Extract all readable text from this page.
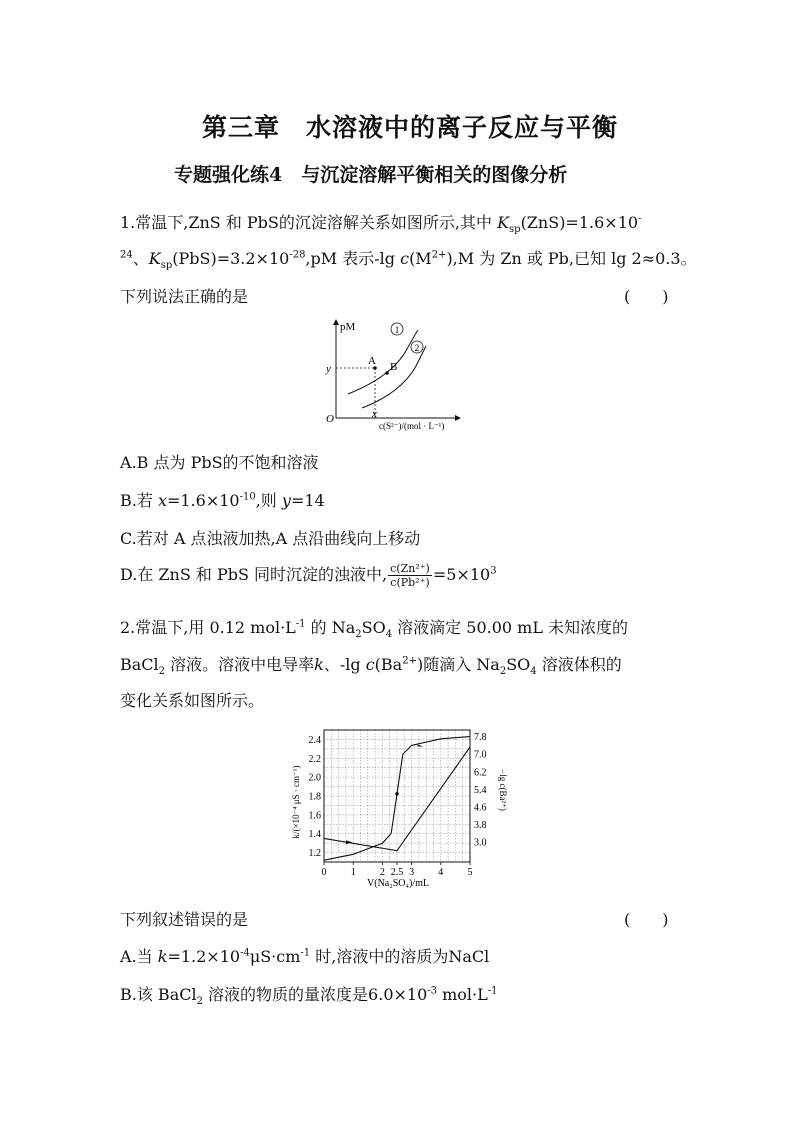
第三章　水溶液中的离子反应与平衡
专题强化练4　与沉淀溶解平衡相关的图像分析
1.常温下,ZnS 和 PbS的沉淀溶解关系如图所示,其中 $K_{sp}(ZnS)=1.6\times 10^-$
$^{24}$、$K_{sp}(PbS)=3.2\times 10^{-28},pM$ 表示-lg $c(M^{2+}),M$ 为 Zn 或 Pb,已知 lg 2≈0.3。
下列说法正确的是	(　　)
pM	1
2
A B
y
x
O
c(S²⁻)/(mol · L⁻¹)
A.B 点为 PbS的不饱和溶液
B.若 $x=1.6\times 10^{-10}$,则 y=14
C.若对 A 点浊液加热,A 点沿曲线向上移动
D.在 ZnS 和 PbS 同时沉淀的浊液中, $\frac{\text{c(Zn²⁺)}}{\text{c(Pb²⁺)}} =5\times 10^3$
2.常温下,用 0.12 $mol\cdot L^{-1}$ 的 $Na_2SO_4$ 溶液滴定 50.00 mL 未知浓度的
BaCl$_2$ 溶液。溶液中电导率k、-lg $c(Ba^{2+})$随滴入 $Na_2SO_4$ 溶液体积的
变化关系如图所示。
0 1 2 2.5 3 4 5
1.2
1.4
1.6
1.8
2.0
2.2
2.4
3.0
3.8
4.6
5.4
6.2
7.0
7.8
V(Na₂SO₄)/mL
k/(×10⁻⁴ μS · cm⁻¹)	−lg c(Ba²⁺)
下列叙述错误的是	(　　)
A.当 $k=1.2\times 10^{-4}\mu S\cdot cm^{-1}$ 时,溶液中的溶质为NaCl
B.该 BaCl$_2$ 溶液的物质的量浓度是$6.0\times 10^{-3}$ $mol\cdot L^{-1}$
